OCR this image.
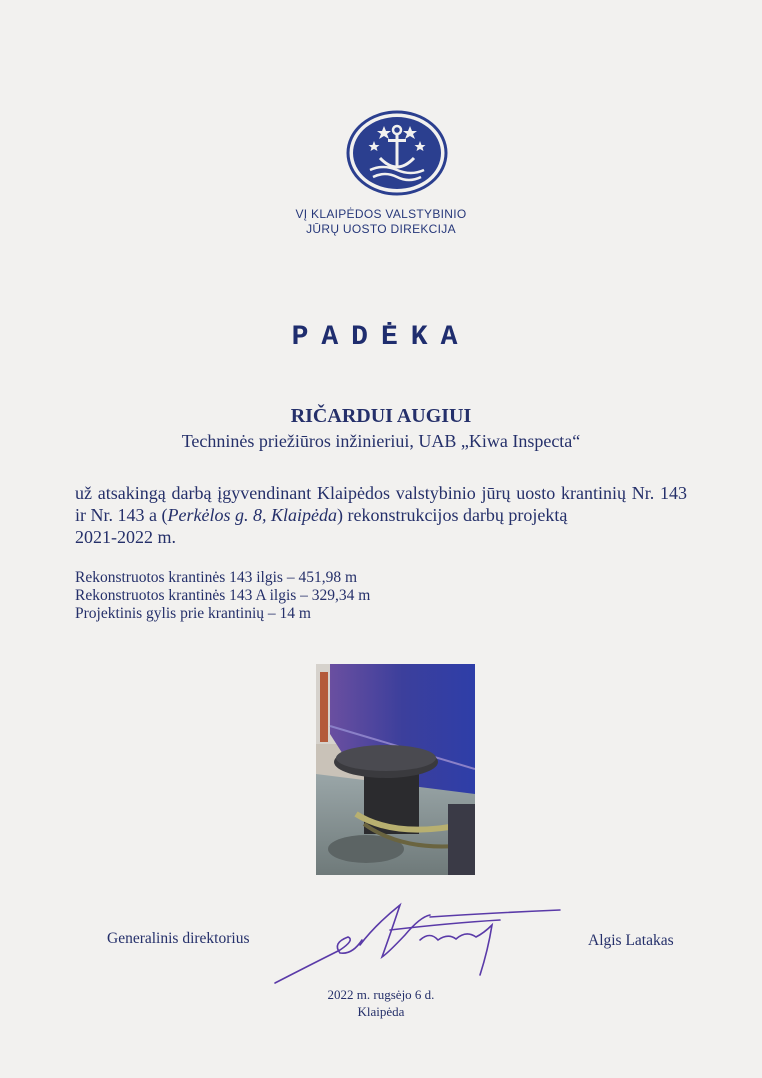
VĮ KLAIPĖDOS VALSTYBINIO
JŪRŲ UOSTO DIREKCIJA
PADĖKA
RIČARDUI AUGIUI
Techninės priežiūros inžinieriui, UAB „Kiwa Inspecta“
už atsakingą darbą įgyvendinant Klaipėdos valstybinio jūrų uosto krantinių Nr. 143 ir Nr. 143 a (Perkėlos g. 8, Klaipėda) rekonstrukcijos darbų projektą
2021-2022 m.
Rekonstruotos krantinės 143 ilgis – 451,98 m
Rekonstruotos krantinės 143 A ilgis – 329,34 m
Projektinis gylis prie krantinių – 14 m
Generalinis direktorius	Algis Latakas
2022 m. rugsėjo 6 d.
Klaipėda
